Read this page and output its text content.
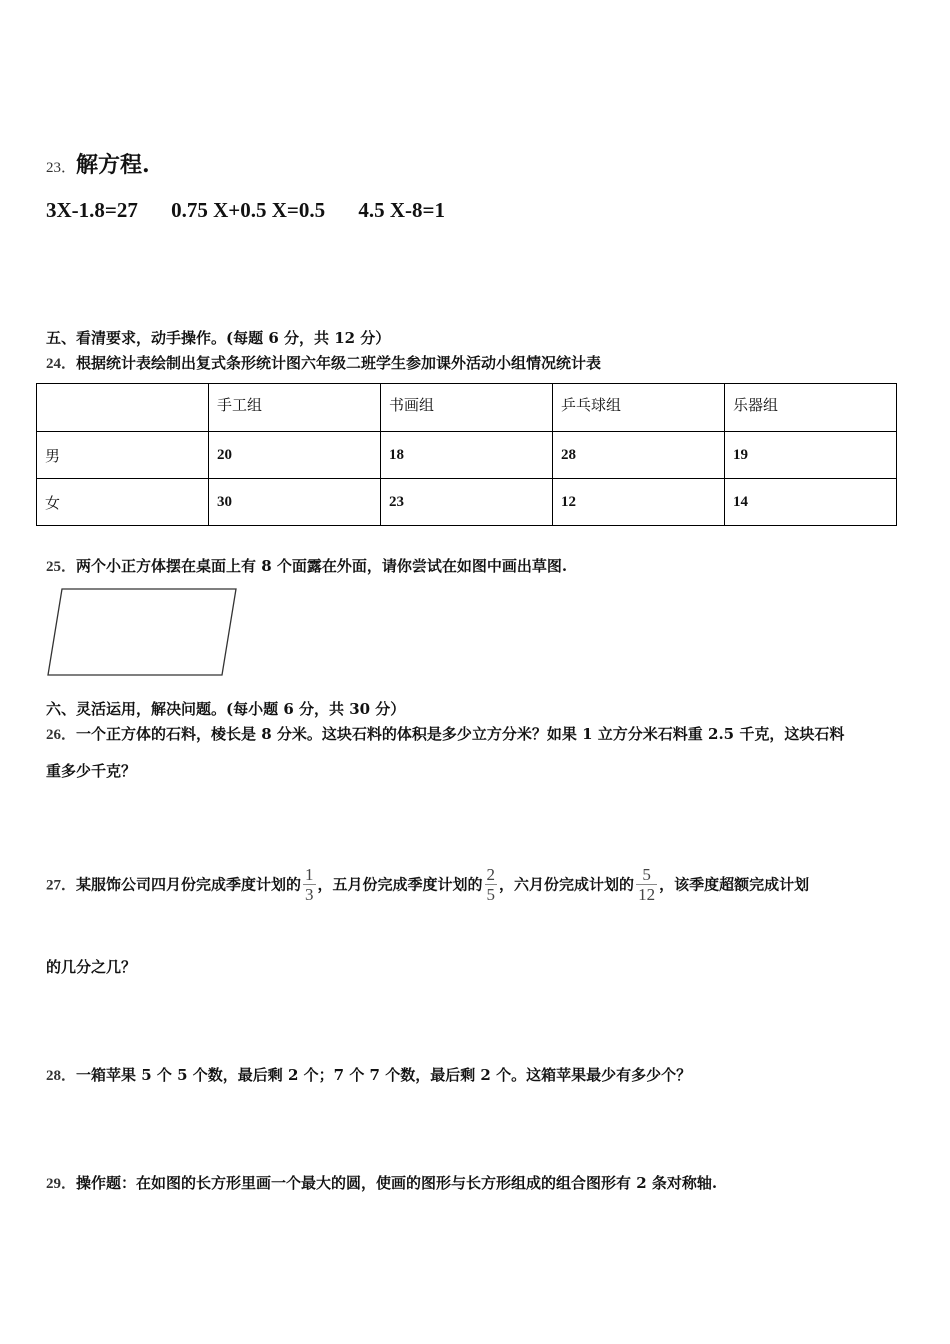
23．解方程.
3X-1.8=27 0.75 X+0.5 X=0.5 4.5 X-8=1
五、看清要求，动手操作。(每题 6 分，共 12 分）
24．根据统计表绘制出复式条形统计图六年级二班学生参加课外活动小组情况统计表
	手工组	书画组	乒乓球组	乐器组
男	20	18	28	19
女	30	23	12	14
25．两个小正方体摆在桌面上有 8 个面露在外面，请你尝试在如图中画出草图.
六、灵活运用，解决问题。(每小题 6 分，共 30 分）
26．一个正方体的石料，棱长是 8 分米。这块石料的体积是多少立方分米？如果 1 立方分米石料重 2.5 千克，这块石料
重多少千克？
27．某服饰公司四月份完成季度计划的 $\frac{1}{3}$ ，五月份完成季度计划的 $\frac{2}{5}$ ，六月份完成计划的 $\frac{5}{12}$ ，该季度超额完成计划
的几分之几？
28．一箱苹果 5 个 5 个数，最后剩 2 个；7 个 7 个数，最后剩 2 个。这箱苹果最少有多少个？
29．操作题：在如图的长方形里画一个最大的圆，使画的图形与长方形组成的组合图形有 2 条对称轴.
